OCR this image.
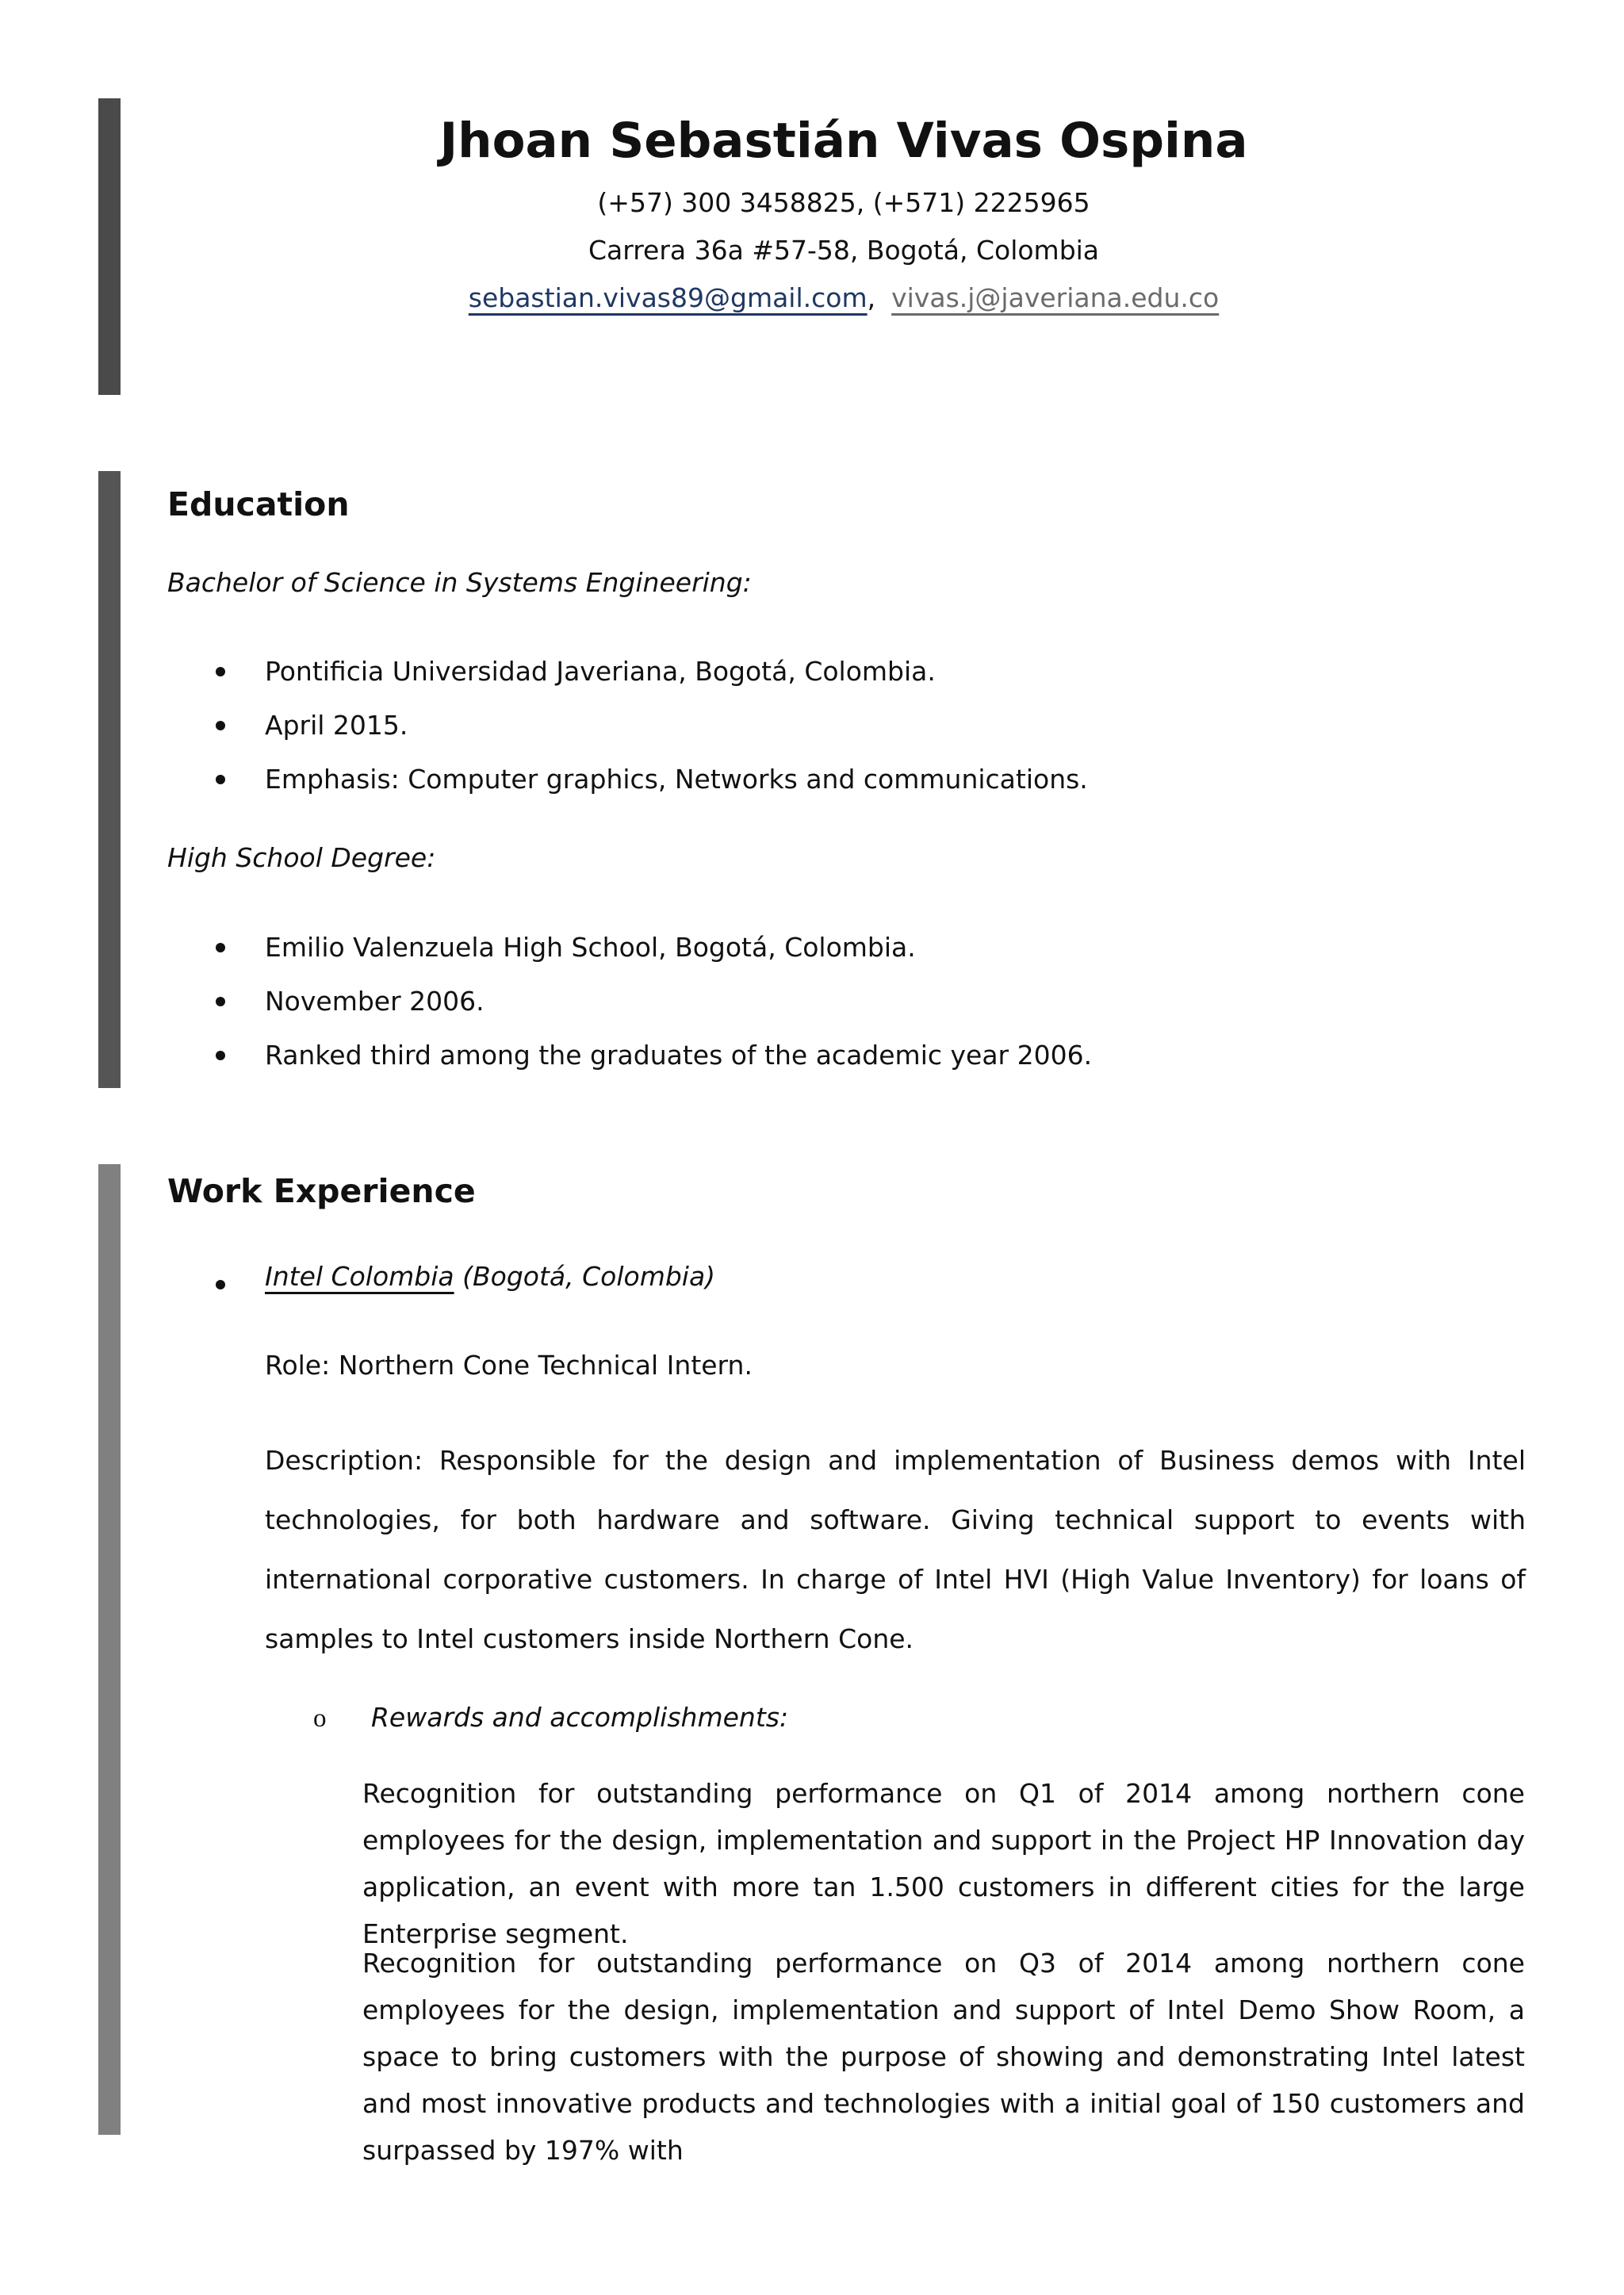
Jhoan Sebastián Vivas Ospina
(+57) 300 3458825, (+571) 2225965
Carrera 36a #57-58, Bogotá, Colombia
sebastian.vivas89@gmail.com, vivas.j@javeriana.edu.co
Education
Bachelor of Science in Systems Engineering:
Pontificia Universidad Javeriana, Bogotá, Colombia.
April 2015.
Emphasis: Computer graphics, Networks and communications.
High School Degree:
Emilio Valenzuela High School, Bogotá, Colombia.
November 2006.
Ranked third among the graduates of the academic year 2006.
Work Experience
Intel Colombia (Bogotá, Colombia)
Role: Northern Cone Technical Intern.
Description: Responsible for the design and implementation of Business demos with Intel technologies, for both hardware and software. Giving technical support to events with international corporative customers. In charge of Intel HVI (High Value Inventory) for loans of samples to Intel customers inside Northern Cone.
o Rewards and accomplishments:
Recognition for outstanding performance on Q1 of 2014 among northern cone employees for the design, implementation and support in the Project HP Innovation day application, an event with more tan 1.500 customers in different cities for the large Enterprise segment.
Recognition for outstanding performance on Q3 of 2014 among northern cone employees for the design, implementation and support of Intel Demo Show Room, a space to bring customers with the purpose of showing and demonstrating Intel latest and most innovative products and technologies with a initial goal of 150 customers and surpassed by 197% with
